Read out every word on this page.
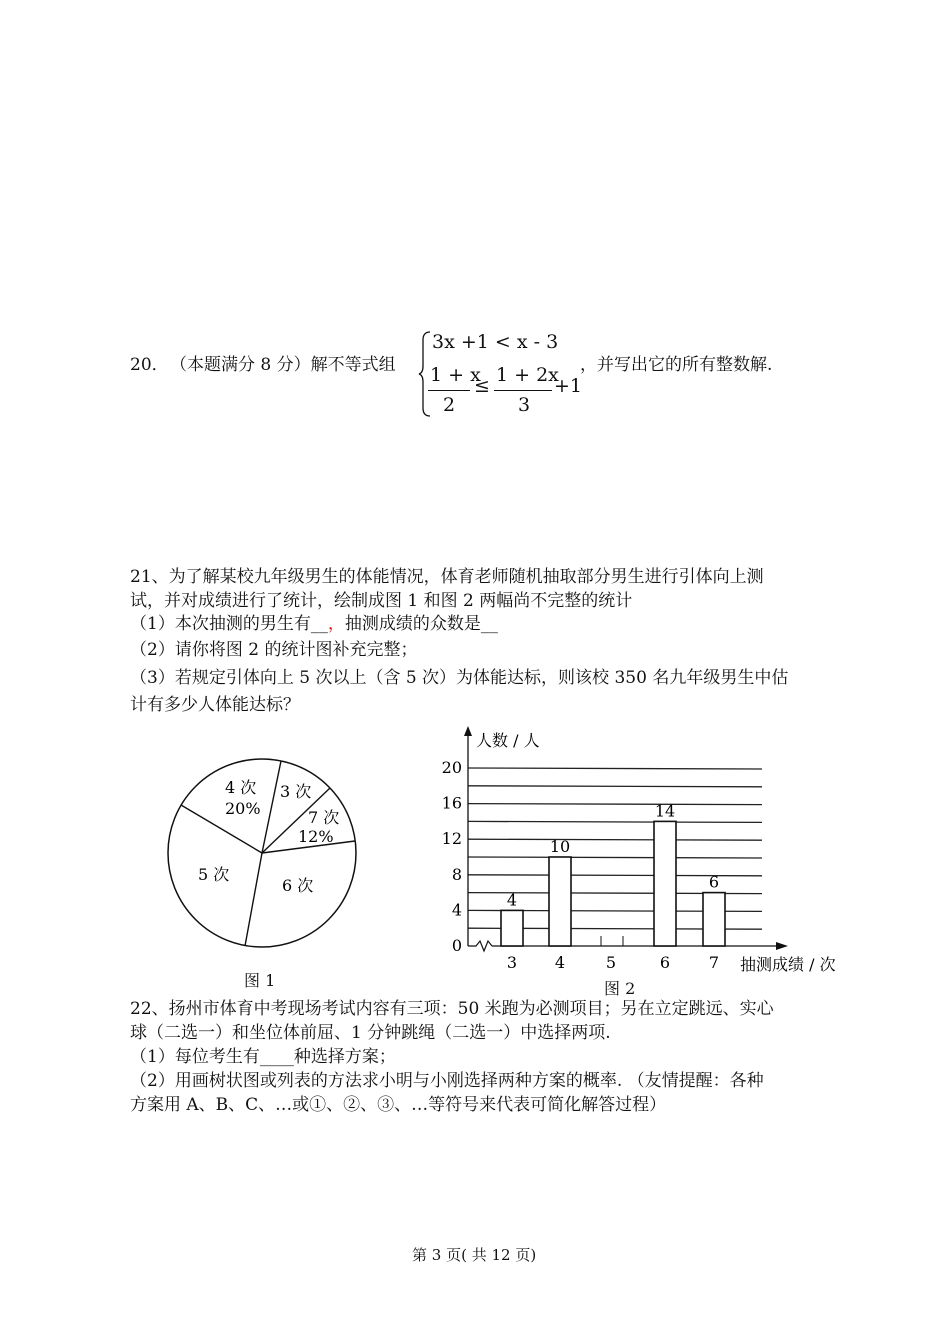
20． （本题满分 8 分）解不等式组
3x +1 < x - 3
1 + x
2
≤ 1 + 2x
3
+1
，并写出它的所有整数解.
21、为了解某校九年级男生的体能情况，体育老师随机抽取部分男生进行引体向上测
试，并对成绩进行了统计，绘制成图 1 和图 2 两幅尚不完整的统计
（1）本次抽测的男生有__，抽测成绩的众数是__
（2）请你将图 2 的统计图补充完整；
（3）若规定引体向上 5 次以上（含 5 次）为体能达标，则该校 350 名九年级男生中估
计有多少人体能达标？
4 次
20%
3 次
7 次
12%
5 次
6 次
图 1
0
4
8
12
16
20
4
3
10
4	5
14
6
6
7
人数 / 人
抽测成绩 / 次
图 2
22、扬州市体育中考现场考试内容有三项：50 米跑为必测项目；另在立定跳远、实心
球（二选一）和坐位体前屈、1 分钟跳绳（二选一）中选择两项.
（1）每位考生有____种选择方案；
（2）用画树状图或列表的方法求小明与小刚选择两种方案的概率. （友情提醒：各种
方案用 A、B、C、…或①、②、③、…等符号来代表可简化解答过程）
第 3 页( 共 12 页)
